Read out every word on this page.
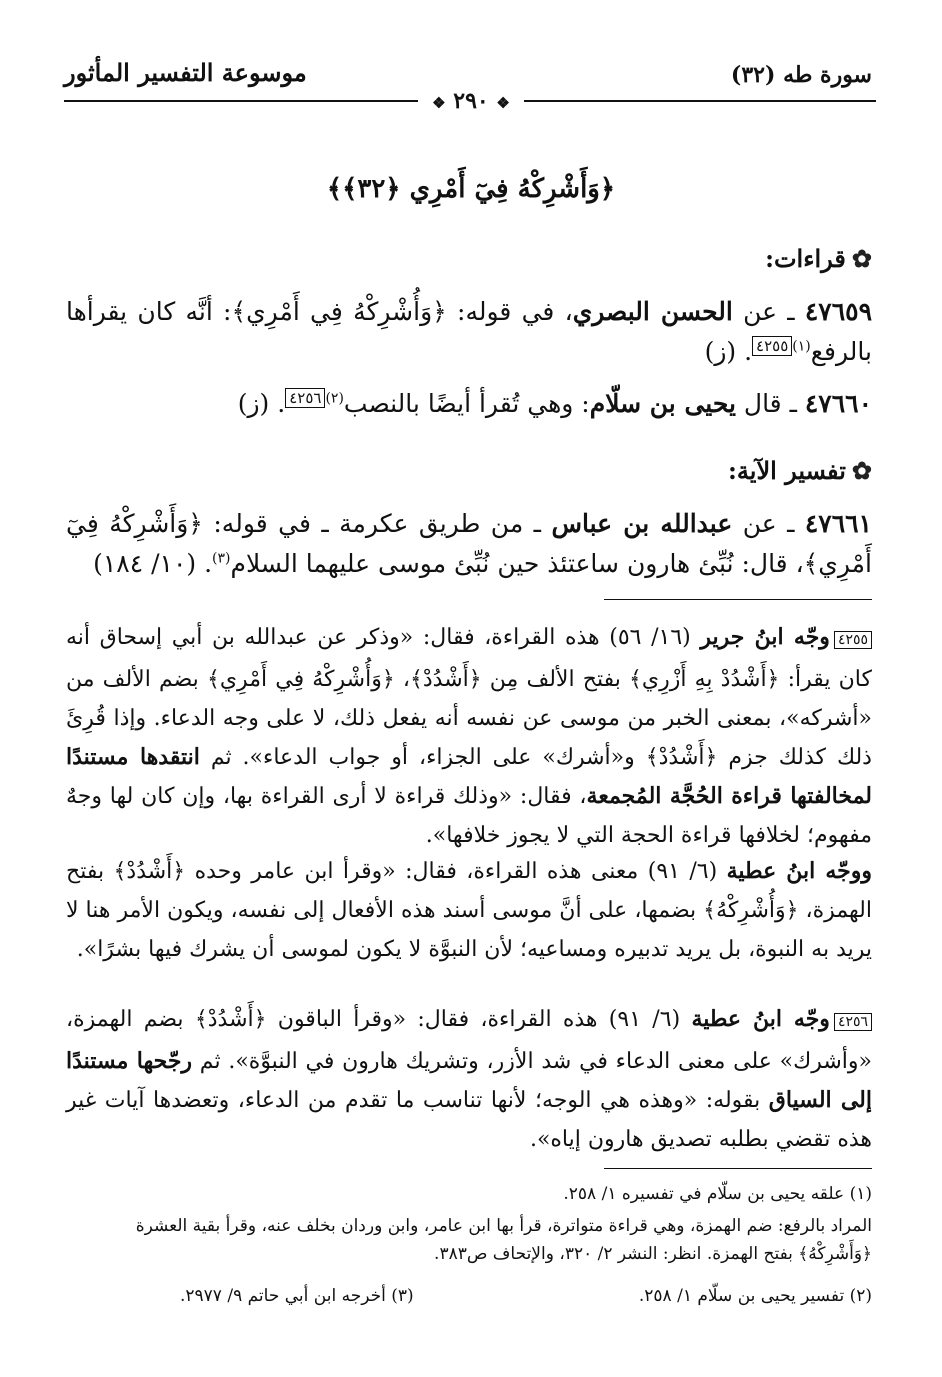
سورة طه (٣٢)
موسوعة التفسير المأثور
❖ ٢٩٠ ❖
﴿وَأَشْرِكْهُ فِيٓ أَمْرِي ﴿٣٢﴾﴾
✿قراءات:
٤٧٦٥٩ ـ عن الحسن البصري، في قوله: ﴿وَأُشْرِكْهُ فِي أَمْرِي﴾: أنَّه كان يقرأها بالرفع$^{(١)٤٢٥٥}$. (ز)
٤٧٦٦٠ ـ قال يحيى بن سلّام: وهي تُقرأ أيضًا بالنصب$^{(٢)٤٢٥٦}$. (ز)
✿تفسير الآية:
٤٧٦٦١ ـ عن عبدالله بن عباس ـ من طريق عكرمة ـ في قوله: ﴿وَأَشْرِكْهُ فِيٓ أَمْرِي﴾، قال: نُبِّئ هارون ساعتئذ حين نُبِّئ موسى عليهما السلام$^{(٣)}$. (١٠/ ١٨٤)
٤٢٥٥وجّه ابنُ جرير (١٦/ ٥٦) هذه القراءة، فقال: «وذكر عن عبدالله بن أبي إسحاق أنه كان يقرأ: ﴿أَشْدُدْ بِهِ أَزْرِي﴾ بفتح الألف مِن ﴿أَشْدُدْ﴾، ﴿وَأُشْرِكْهُ فِي أَمْرِي﴾ بضم الألف من «أشركه»، بمعنى الخبر من موسى عن نفسه أنه يفعل ذلك، لا على وجه الدعاء. وإذا قُرِئَ ذلك كذلك جزم ﴿أَشْدُدْ﴾ و«أشرك» على الجزاء، أو جواب الدعاء». ثم انتقدها مستندًا لمخالفتها قراءة الحُجَّة المُجمعة، فقال: «وذلك قراءة لا أرى القراءة بها، وإن كان لها وجهٌ مفهوم؛ لخلافها قراءة الحجة التي لا يجوز خلافها».
ووجّه ابنُ عطية (٦/ ٩١) معنى هذه القراءة، فقال: «وقرأ ابن عامر وحده ﴿أَشْدُدْ﴾ بفتح الهمزة، ﴿وَأُشْرِكْهُ﴾ بضمها، على أنَّ موسى أسند هذه الأفعال إلى نفسه، ويكون الأمر هنا لا يريد به النبوة، بل يريد تدبيره ومساعيه؛ لأن النبوَّة لا يكون لموسى أن يشرك فيها بشرًا».
٤٢٥٦وجّه ابنُ عطية (٦/ ٩١) هذه القراءة، فقال: «وقرأ الباقون ﴿أَشْدُدْ﴾ بضم الهمزة، «وأشرك» على معنى الدعاء في شد الأزر، وتشريك هارون في النبوَّة». ثم رجّحها مستندًا إلى السياق بقوله: «وهذه هي الوجه؛ لأنها تناسب ما تقدم من الدعاء، وتعضدها آيات غير هذه تقضي بطلبه تصديق هارون إياه».
(١) علقه يحيى بن سلّام في تفسيره ١/ ٢٥٨.
المراد بالرفع: ضم الهمزة، وهي قراءة متواترة، قرأ بها ابن عامر، وابن وردان بخلف عنه، وقرأ بقية العشرة ﴿وَأَشْرِكْهُ﴾ بفتح الهمزة. انظر: النشر ٢/ ٣٢٠، والإتحاف ص٣٨٣.
(٢) تفسير يحيى بن سلّام ١/ ٢٥٨.
(٣) أخرجه ابن أبي حاتم ٩/ ٢٩٧٧.
